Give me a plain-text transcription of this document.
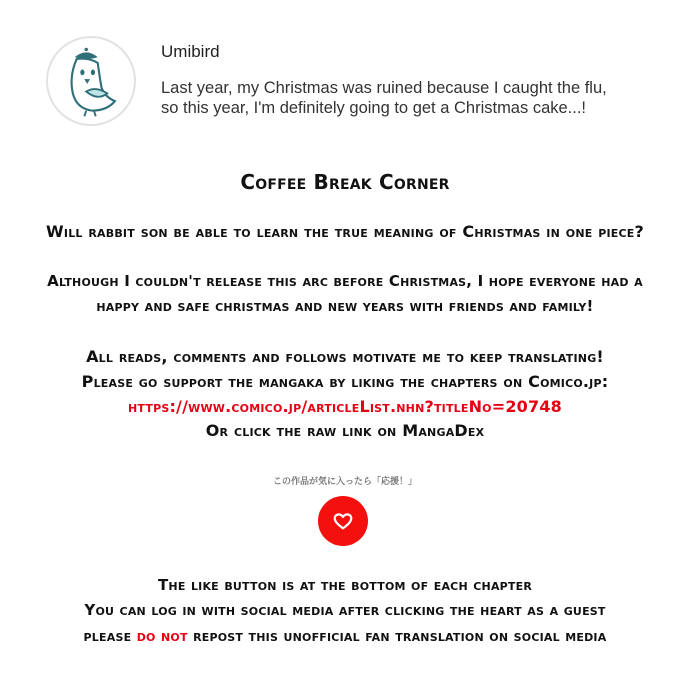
Umibird
Last year, my Christmas was ruined because I caught the flu,
so this year, I'm definitely going to get a Christmas cake...!
Coffee Break Corner
Will rabbit son be able to learn the true meaning of Christmas in one piece?
Although I couldn't release this arc before Christmas, I hope everyone had a
happy and safe christmas and new years with friends and family!
All reads, comments and follows motivate me to keep translating!
Please go support the mangaka by liking the chapters on Comico.jp:
https://www.comico.jp/articleList.nhn?titleNo=20748
Or click the raw link on MangaDex
この作品が気に入ったら「応援！」
The like button is at the bottom of each chapter
You can log in with social media after clicking the heart as a guest
please do not repost this unofficial fan translation on social media
